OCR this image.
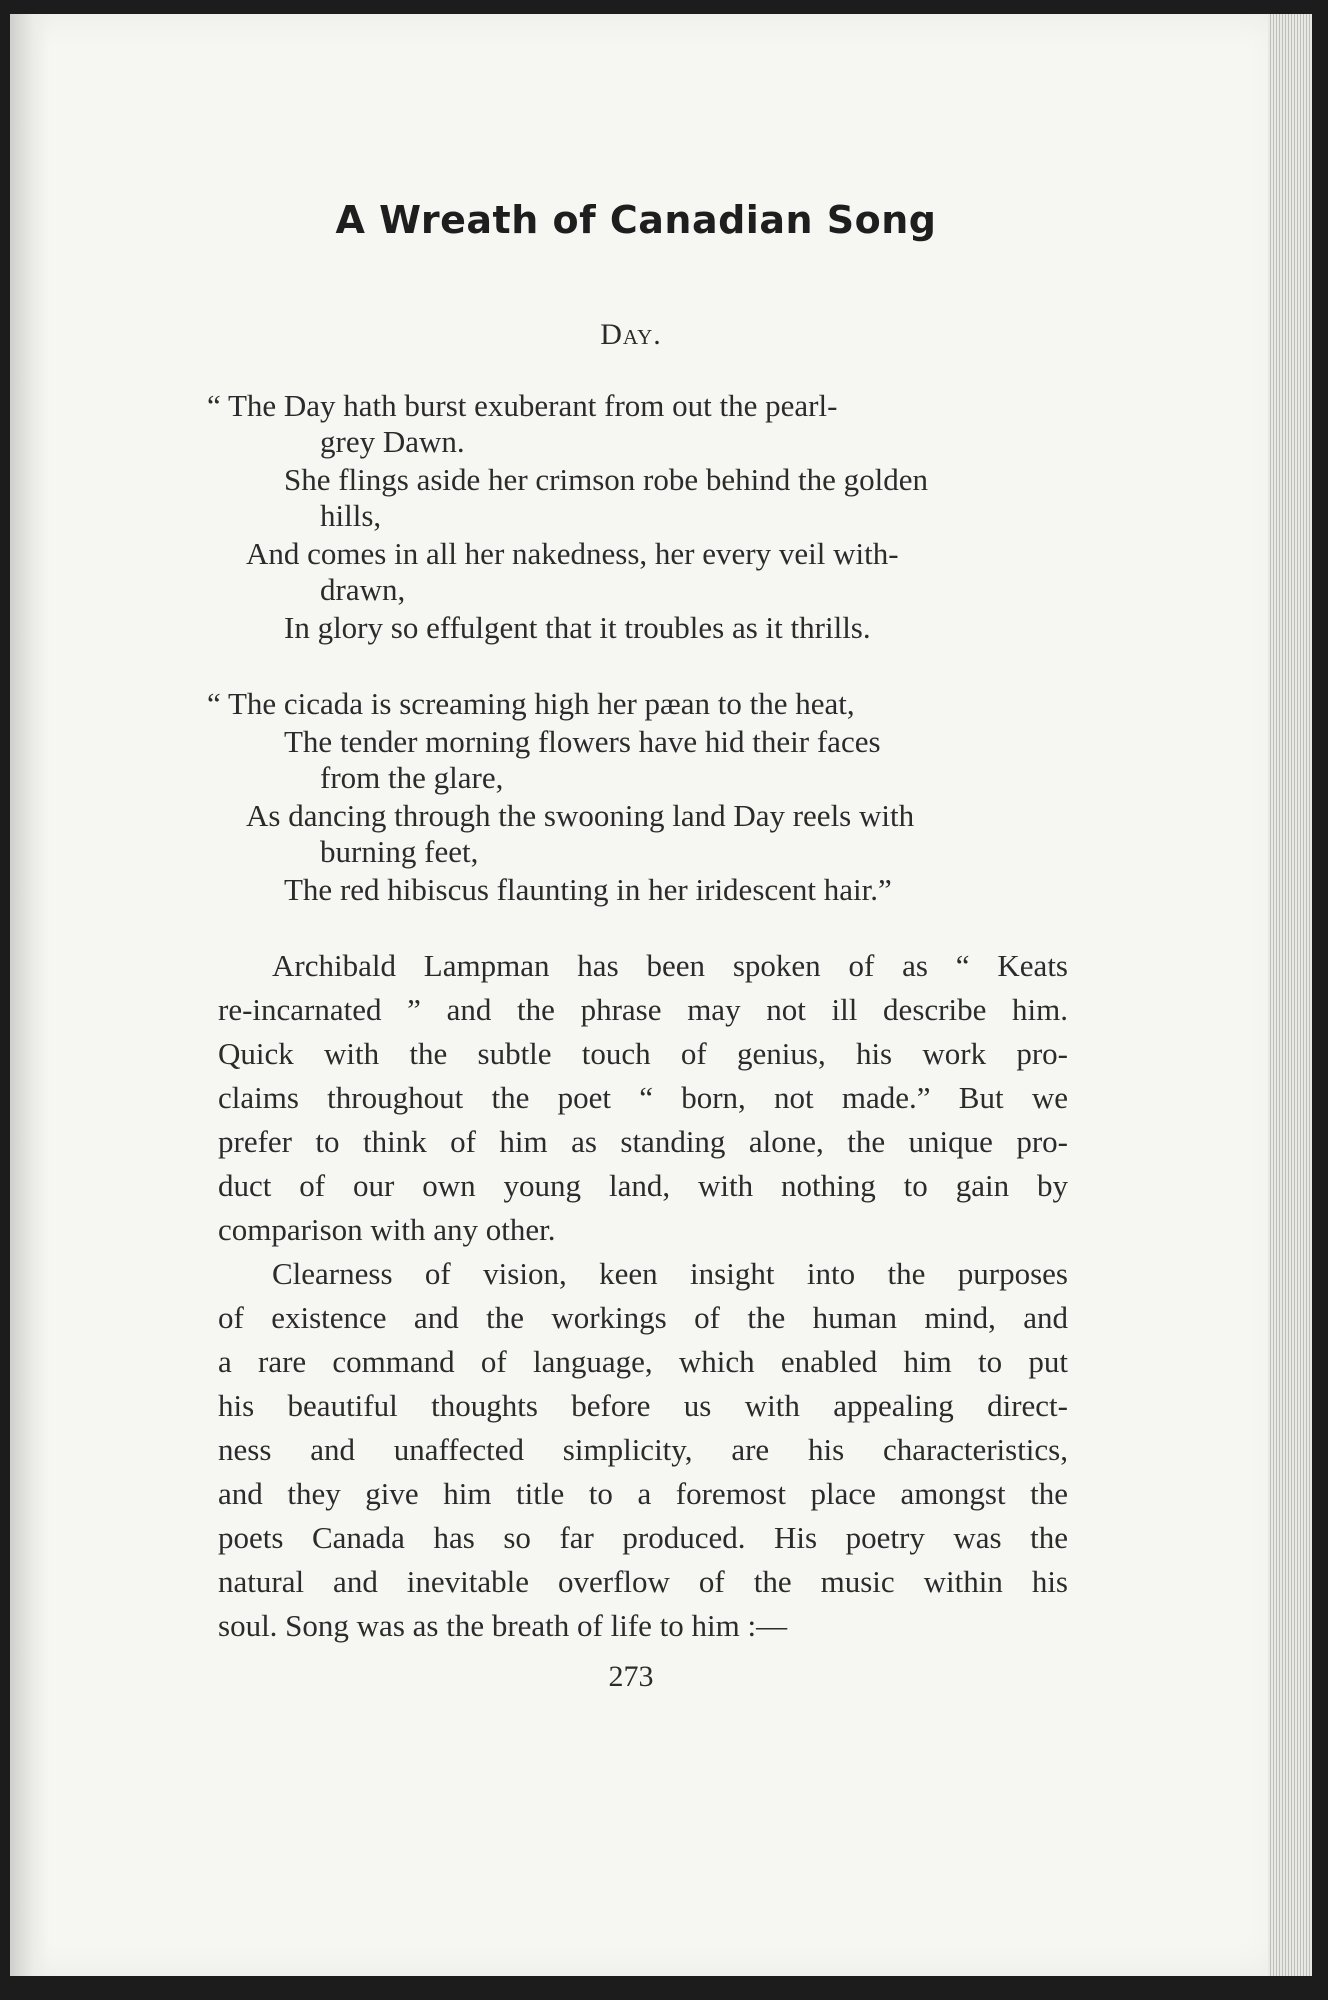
A Wreath of Canadian Song
Day.
“ The Day hath burst exuberant from out the pearl-
grey Dawn.
She flings aside her crimson robe behind the golden
hills,
And comes in all her nakedness, her every veil with-
drawn,
In glory so effulgent that it troubles as it thrills.
“ The cicada is screaming high her pæan to the heat,
The tender morning flowers have hid their faces
from the glare,
As dancing through the swooning land Day reels with
burning feet,
The red hibiscus flaunting in her iridescent hair.”
Archibald Lampman has been spoken of as “ Keats
re-incarnated ” and the phrase may not ill describe him.
Quick with the subtle touch of genius, his work pro-
claims throughout the poet “ born, not made.” But we
prefer to think of him as standing alone, the unique pro-
duct of our own young land, with nothing to gain by
comparison with any other.
Clearness of vision, keen insight into the purposes
of existence and the workings of the human mind, and
a rare command of language, which enabled him to put
his beautiful thoughts before us with appealing direct-
ness and unaffected simplicity, are his characteristics,
and they give him title to a foremost place amongst the
poets Canada has so far produced. His poetry was the
natural and inevitable overflow of the music within his
soul. Song was as the breath of life to him :—
273
